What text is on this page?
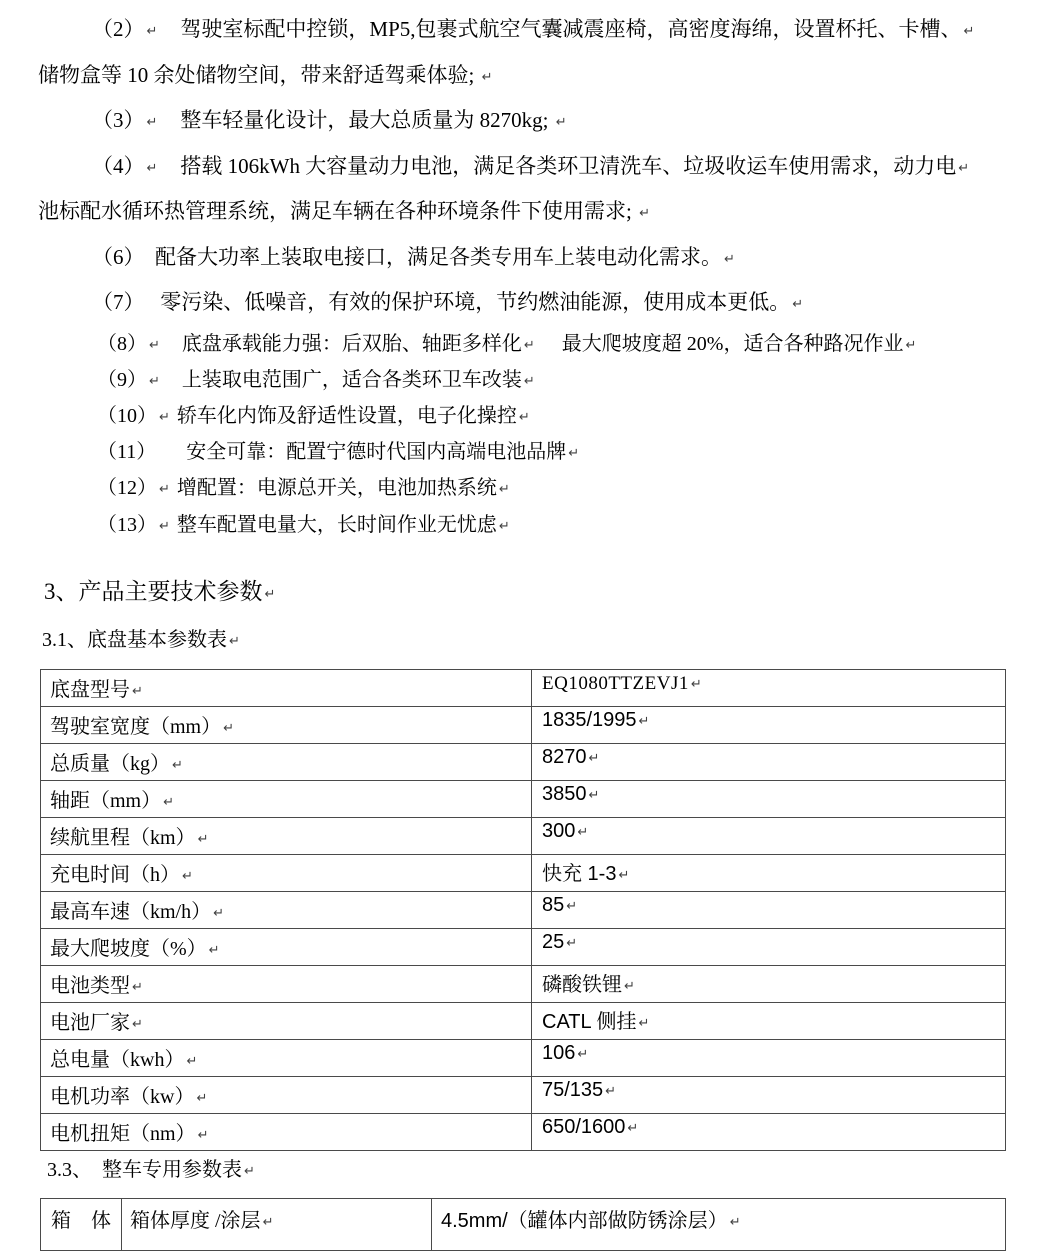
（2） ↵　驾驶室标配中控锁，MP5,包裹式航空气囊减震座椅，高密度海绵，设置杯托、卡槽、 ↵
储物盒等 10 余处储物空间，带来舒适驾乘体验; ↵
（3） ↵　整车轻量化设计，最大总质量为 8270kg; ↵
（4） ↵　搭载 106kWh 大容量动力电池，满足各类环卫清洗车、垃圾收运车使用需求，动力电 ↵
池标配水循环热管理系统，满足车辆在各种环境条件下使用需求; ↵
（6）　配备大功率上装取电接口，满足各类专用车上装电动化需求。 ↵
（7）　 零污染、低噪音，有效的保护环境，节约燃油能源，使用成本更低。 ↵
（8） ↵　底盘承载能力强：后双胎、轴距多样化 ↵　 最大爬坡度超 20%，适合各种路况作业 ↵
（9） ↵　上装取电范围广，适合各类环卫车改装 ↵
（10） ↵ 轿车化内饰及舒适性设置，电子化操控 ↵
（11）　　安全可靠：配置宁德时代国内高端电池品牌 ↵
（12） ↵ 增配置：电源总开关，电池加热系统 ↵
（13） ↵ 整车配置电量大，长时间作业无忧虑 ↵
3、产品主要技术参数 ↵
3.1、底盘基本参数表 ↵
底盘型号 ↵	EQ1080TTZEVJ1 ↵
驾驶室宽度（mm） ↵	1835/1995 ↵
总质量（kg） ↵	8270 ↵
轴距（mm） ↵	3850 ↵
续航里程（km） ↵	300 ↵
充电时间（h） ↵	快充 1-3 ↵
最高车速（km/h） ↵	85 ↵
最大爬坡度（%） ↵	25 ↵
电池类型 ↵	磷酸铁锂 ↵
电池厂家 ↵	CATL 侧挂 ↵
总电量（kwh） ↵	106 ↵
电机功率（kw） ↵	75/135 ↵
电机扭矩（nm） ↵	650/1600 ↵
3.3、　整车专用参数表 ↵
箱　体	箱体厚度 /涂层 ↵	4.5mm/（罐体内部做防锈涂层） ↵
